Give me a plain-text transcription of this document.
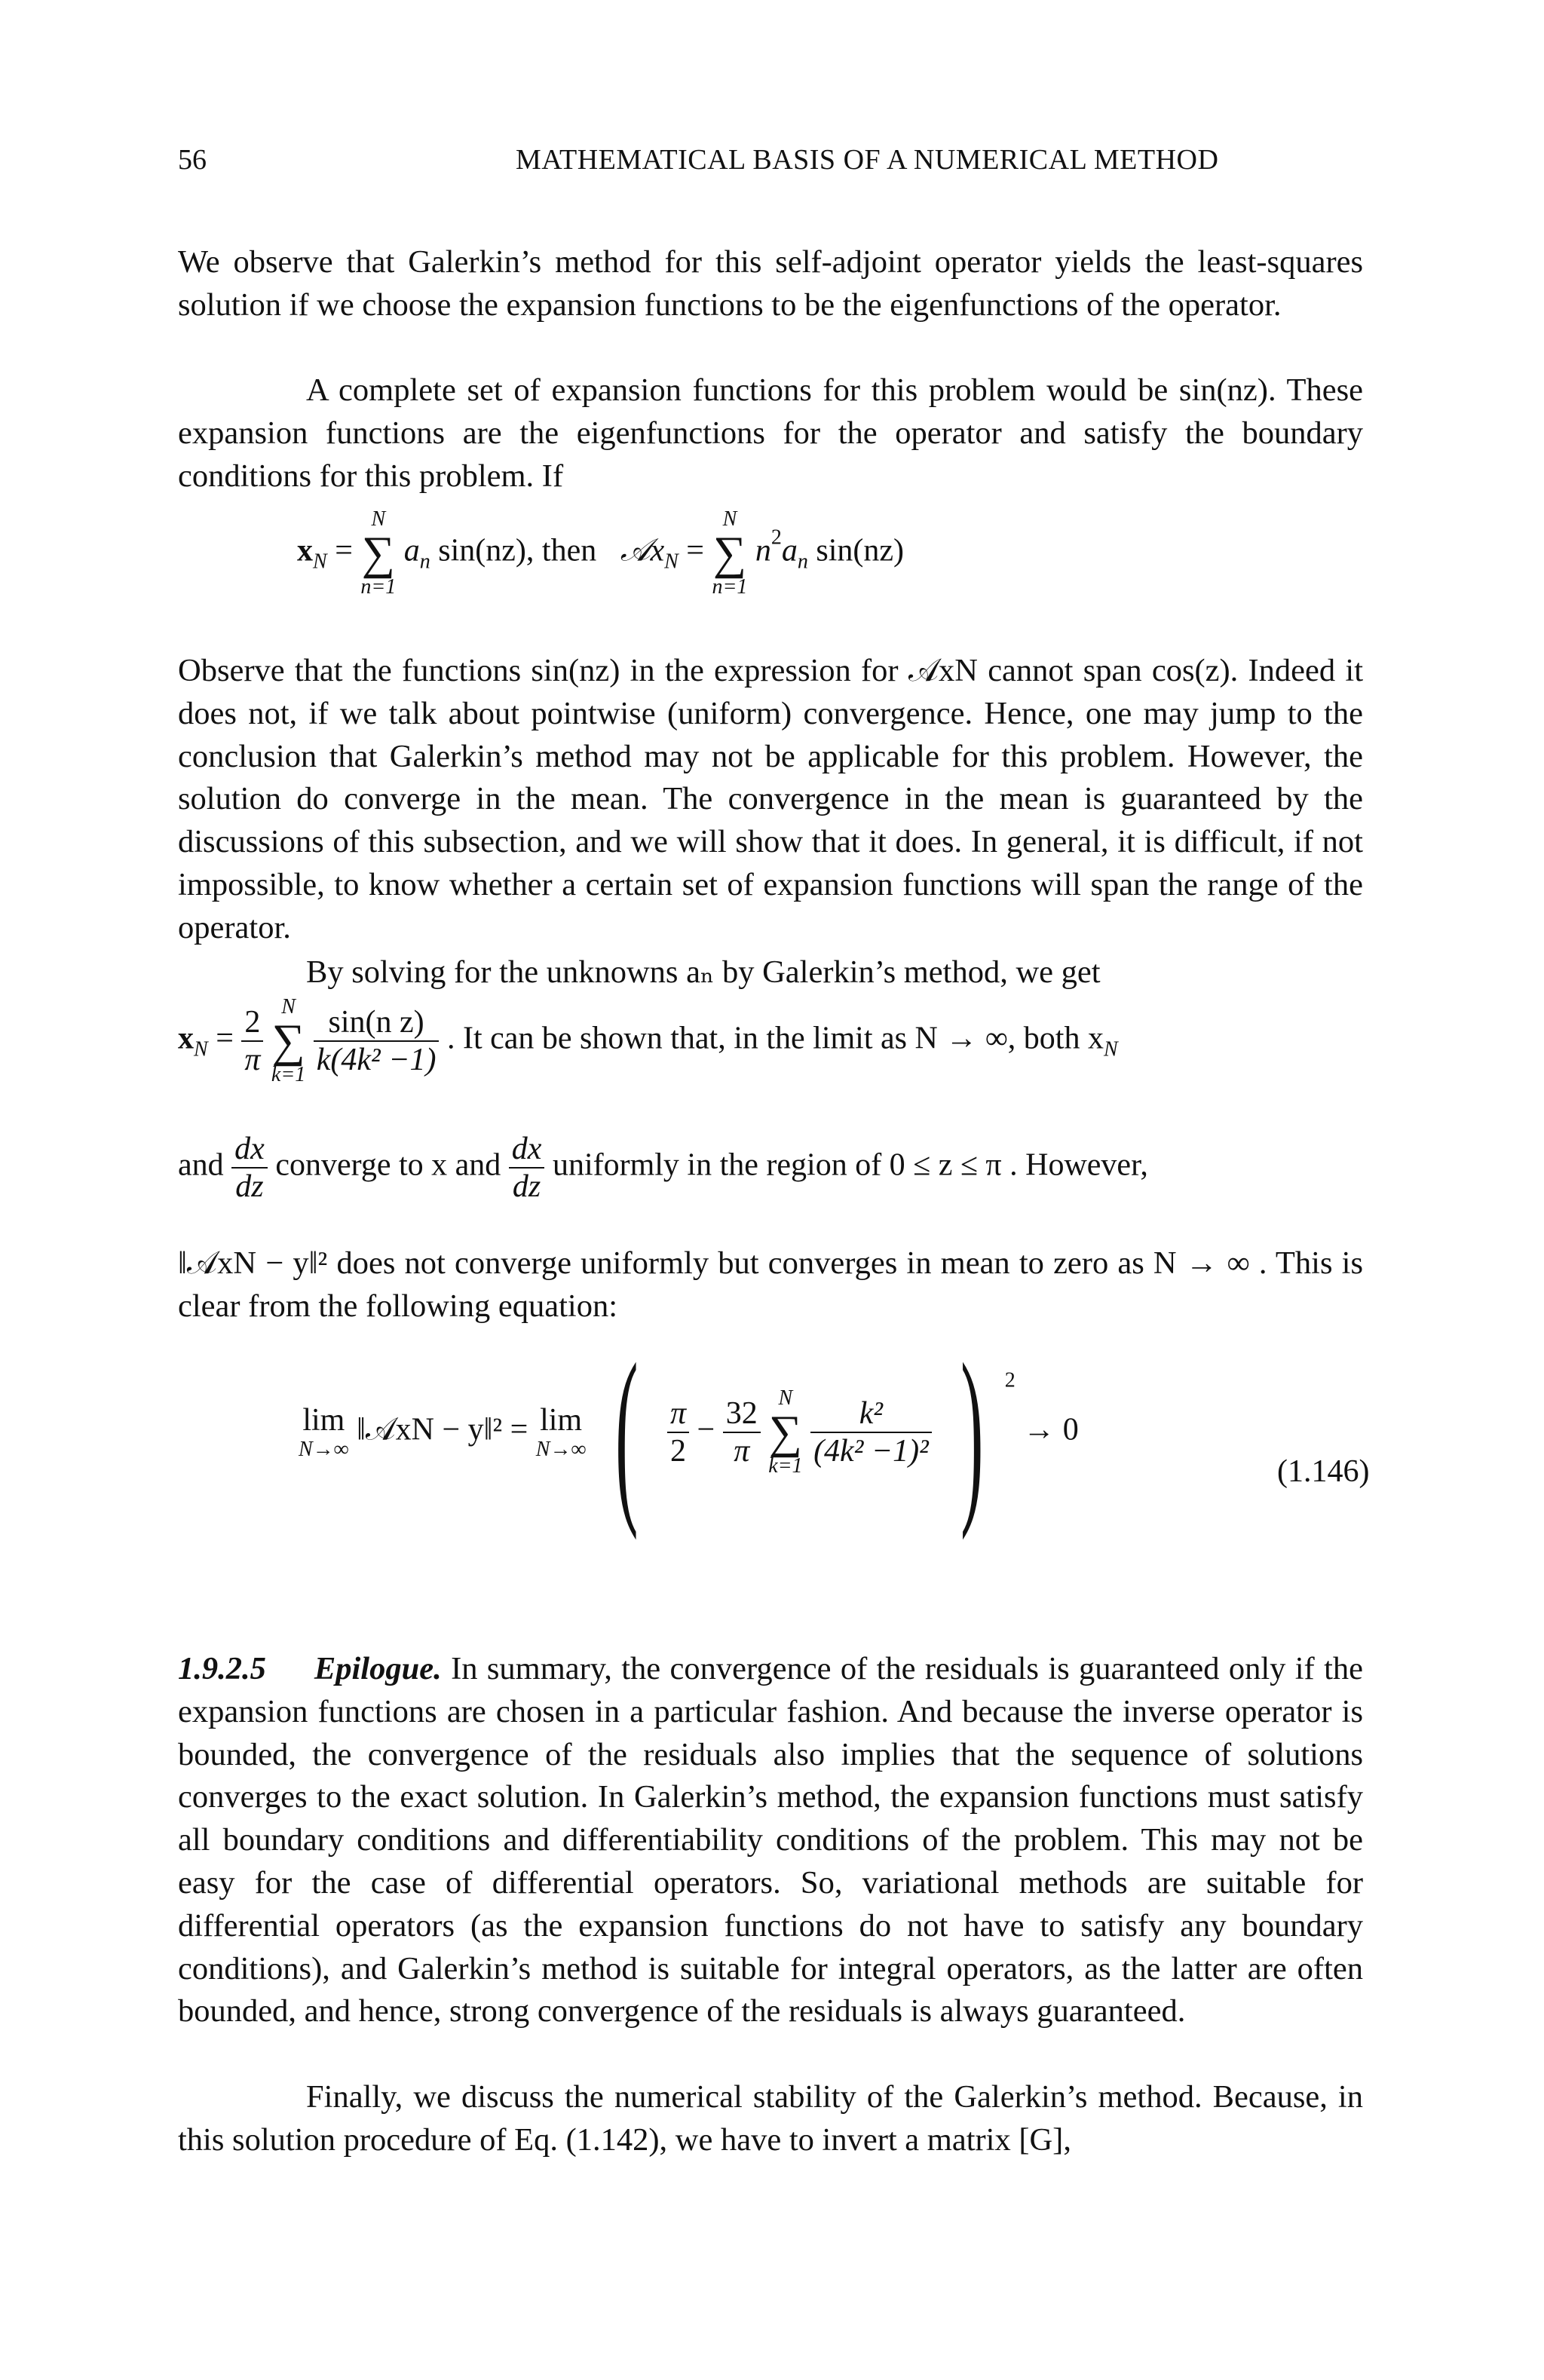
56	MATHEMATICAL BASIS OF A NUMERICAL METHOD

We observe that Galerkin’s method for this self-adjoint operator yields the least-squares solution if we choose the expansion functions to be the eigenfunctions of the operator.

A complete set of expansion functions for this problem would be sin(nz). These expansion functions are the eigenfunctions for the operator and satisfy the boundary conditions for this problem. If

$x_N$ =
N
∑
n=1
$a_n$ sin(nz), then 𝒜x$_N$ =
N
∑
n=1
$n^2a_n$ sin(nz)

Observe that the functions sin(nz) in the expression for 𝒜xN cannot span cos(z). Indeed it does not, if we talk about pointwise (uniform) convergence. Hence, one may jump to the conclusion that Galerkin’s method may not be applicable for this problem. However, the solution do converge in the mean. The convergence in the mean is guaranteed by the discussions of this subsection, and we will show that it does. In general, it is difficult, if not impossible, to know whether a certain set of expansion functions will span the range of the operator.

By solving for the unknowns aₙ by Galerkin’s method, we get

$x_N = \frac{2}{\pi}$
N
∑
k=1
$\frac{\text{sin(n z)}}{\text{k(4k² −1)}}$ . It can be shown that, in the limit as N → ∞, both $x_N$
and $\frac{dx}{dz}$ converge to x and $\frac{dx}{dz}$ uniformly in the region of 0 ≤ z ≤ π . However,

‖𝒜xN − y‖² does not converge uniformly but converges in mean to zero as N → ∞ . This is clear from the following equation:

lim
N→∞
‖𝒜xN − y‖² = lim
N→∞ ( $\frac{\pi}{2} - \frac{32}{\pi}$
N
∑
k=1
$\frac{\text{k²}}{\text{(4k² −1)²}}$ ) $^2$ → 0
(1.146)

1.9.2.5 Epilogue. In summary, the convergence of the residuals is guaranteed only if the expansion functions are chosen in a particular fashion. And because the inverse operator is bounded, the convergence of the residuals also implies that the sequence of solutions converges to the exact solution. In Galerkin’s method, the expansion functions must satisfy all boundary conditions and differentiability conditions of the problem. This may not be easy for the case of differential operators. So, variational methods are suitable for differential operators (as the expansion functions do not have to satisfy any boundary conditions), and Galerkin’s method is suitable for integral operators, as the latter are often bounded, and hence, strong convergence of the residuals is always guaranteed.

Finally, we discuss the numerical stability of the Galerkin’s method. Because, in this solution procedure of Eq. (1.142), we have to invert a matrix [G],
